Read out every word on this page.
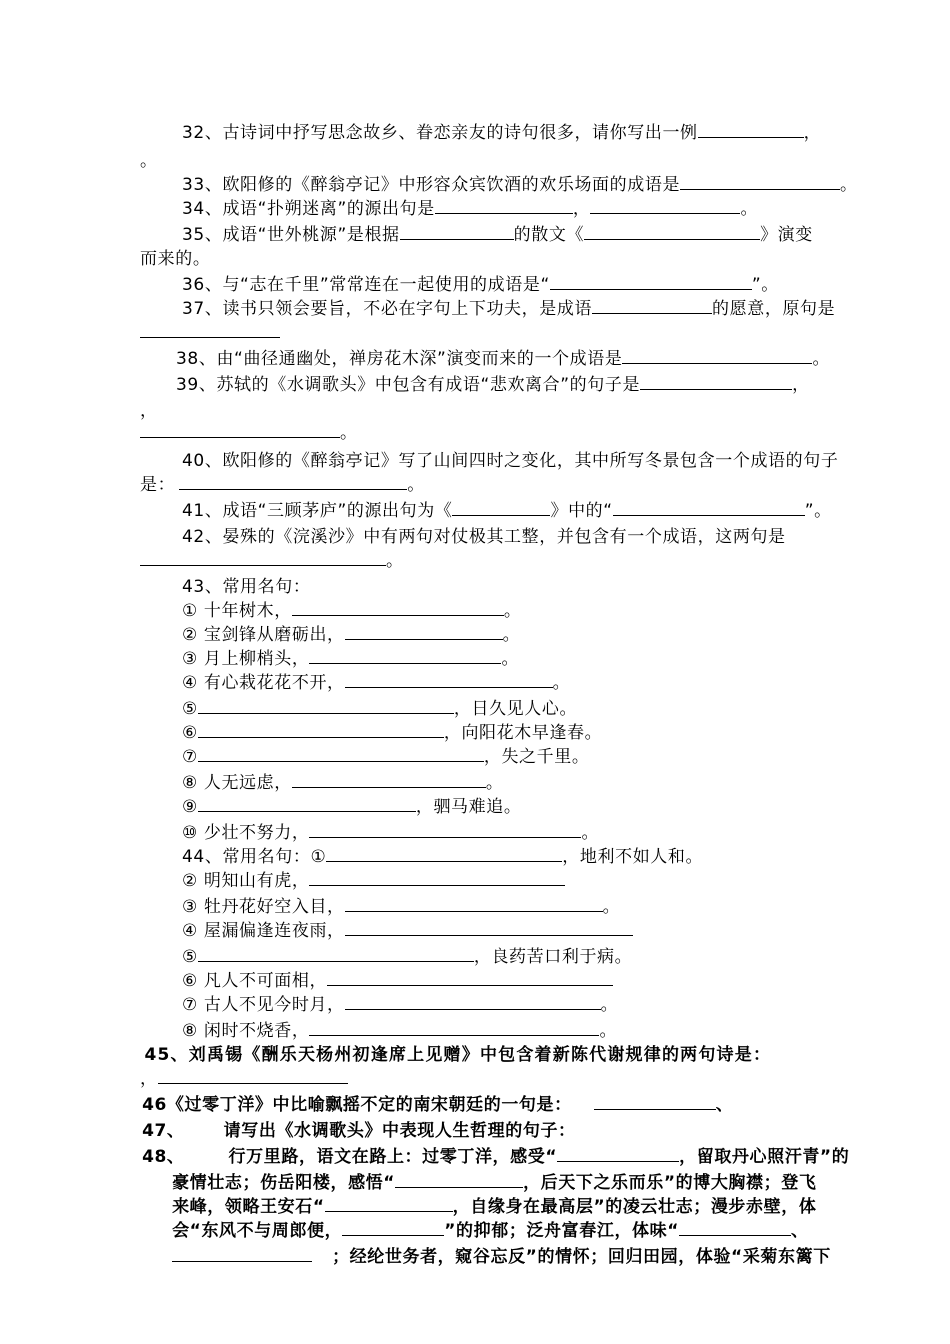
32、古诗词中抒写思念故乡、眷恋亲友的诗句很多，请你写出一例	，

。

33、欧阳修的《醉翁亭记》中形容众宾饮酒的欢乐场面的成语是	。

34、成语“扑朔迷离”的源出句是	，	。

35、成语“世外桃源”是根据	的散文《	》演变

而来的。

36、与“志在千里”常常连在一起使用的成语是“	”。

37、读书只领会要旨，不必在字句上下功夫，是成语	的愿意，原句是

38、由“曲径通幽处，禅房花木深”演变而来的一个成语是	。

39、苏轼的《水调歌头》中包含有成语“悲欢离合”的句子是	，

，

。

40、欧阳修的《醉翁亭记》写了山间四时之变化，其中所写冬景包含一个成语的句子

是：	。

41、成语“三顾茅庐”的源出句为《	》中的“	”。

42、晏殊的《浣溪沙》中有两句对仗极其工整，并包含有一个成语，这两句是

。

43、常用名句：

① 十年树木，	。

② 宝剑锋从磨砺出，	。

③ 月上柳梢头，	。

④ 有心栽花花不开，	。

⑤	，日久见人心。

⑥	，向阳花木早逢春。

⑦	，失之千里。

⑧ 人无远虑，	。

⑨	，驷马难追。

⑩ 少壮不努力，	。

44、常用名句：①	，地利不如人和。

② 明知山有虎，

③ 牡丹花好空入目，	。

④ 屋漏偏逢连夜雨，

⑤	，良药苦口利于病。

⑥ 凡人不可面相，

⑦ 古人不见今时月，	。

⑧ 闲时不烧香，	。

45、刘禹锡《酬乐天杨州初逢席上见赠》中包含着新陈代谢规律的两句诗是：

，

46《过零丁洋》中比喻飘摇不定的南宋朝廷的一句是：	、

47、      请写出《水调歌头》中表现人生哲理的句子：

48、	行万里路，语文在路上：过零丁洋，感受“	，留取丹心照汗青”的

豪情壮志；伤岳阳楼，感悟“	，后天下之乐而乐”的博大胸襟；登飞

来峰，领略王安石“	，自缘身在最高层”的凌云壮志；漫步赤壁，体

会“东风不与周郎便，	”的抑郁；泛舟富春江，体味“	、

；经纶世务者，窥谷忘反”的情怀；回归田园，体验“采菊东篱下
